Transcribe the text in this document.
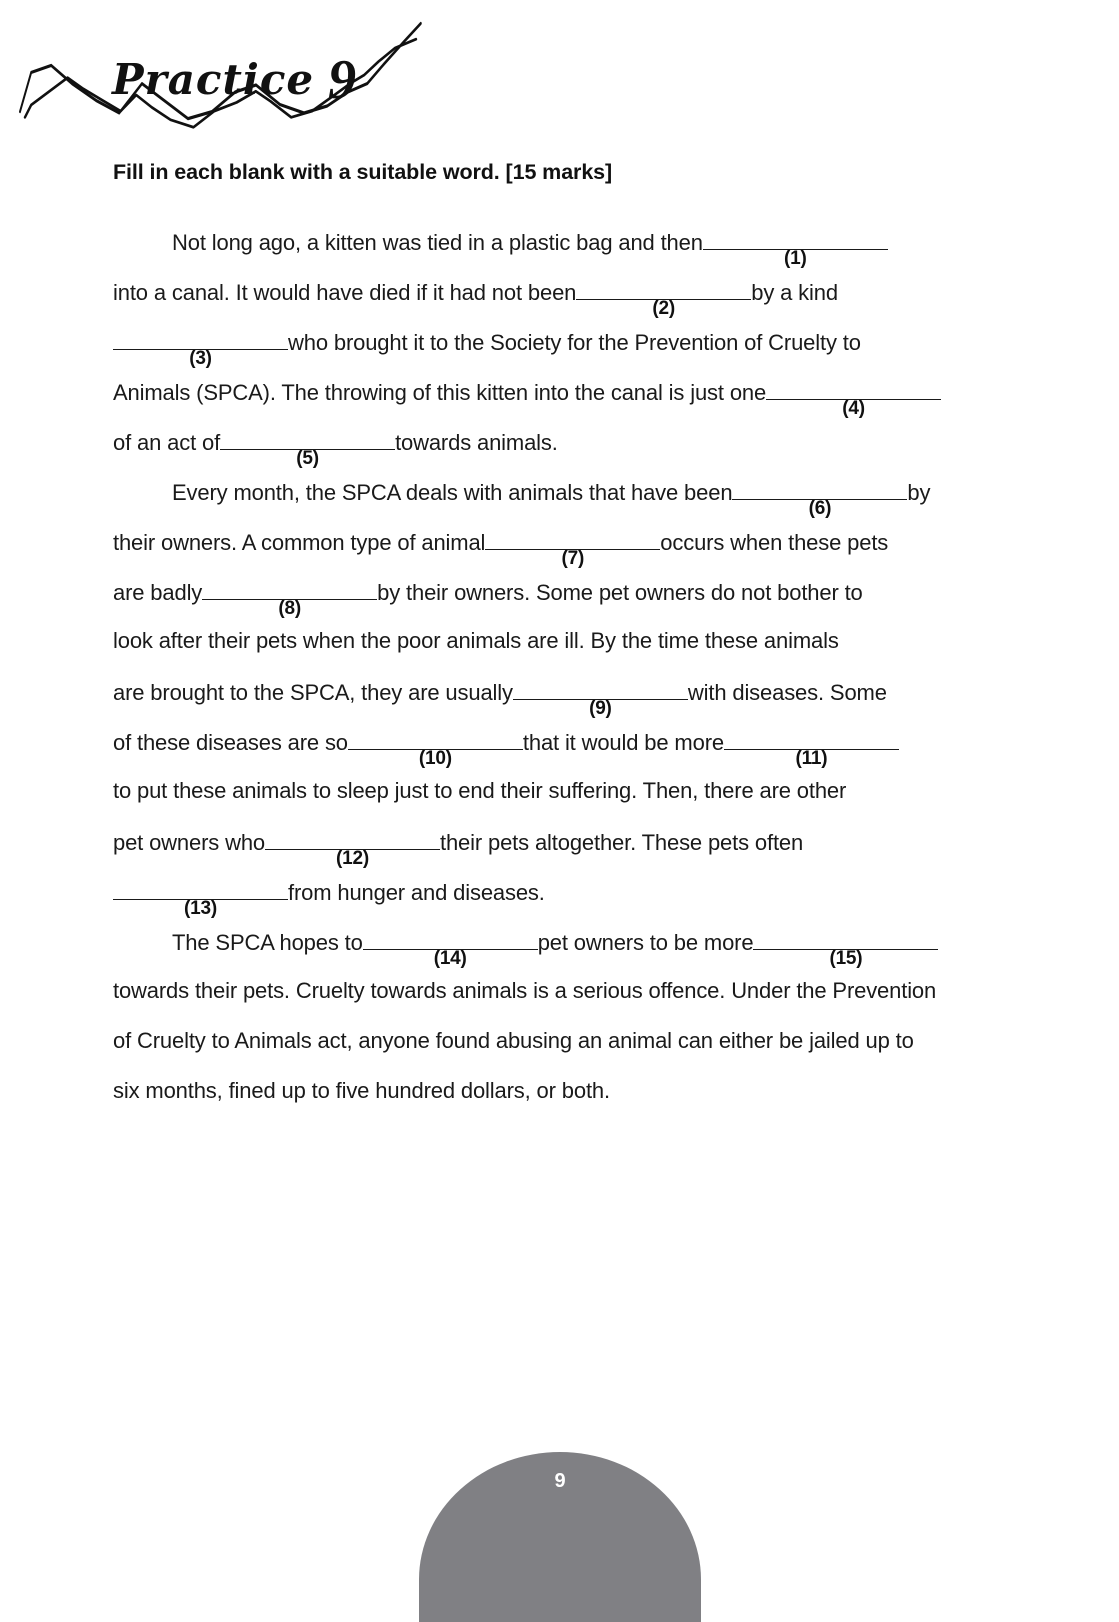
Practice 9
Fill in each blank with a suitable word. [15 marks]
Not long ago, a kitten was tied in a plastic bag and then
(1)
into a canal. It would have died if it had not been
(2)
by a kind
(3)
who brought it to the Society for the Prevention of Cruelty to
Animals (SPCA). The throwing of this kitten into the canal is just one
(4)
of an act of
(5)
towards animals.
Every month, the SPCA deals with animals that have been
(6)
by
their owners. A common type of animal
(7)
occurs when these pets
are badly
(8)
by their owners. Some pet owners do not bother to
look after their pets when the poor animals are ill. By the time these animals
are brought to the SPCA, they are usually
(9)
with diseases. Some
of these diseases are so
(10)
that it would be more
(11)
to put these animals to sleep just to end their suffering. Then, there are other
pet owners who
(12)
their pets altogether. These pets often
(13)
from hunger and diseases.
The SPCA hopes to
(14)
pet owners to be more
(15)
towards their pets. Cruelty towards animals is a serious offence. Under the Prevention
of Cruelty to Animals act, anyone found abusing an animal can either be jailed up to
six months, fined up to five hundred dollars, or both.
9
